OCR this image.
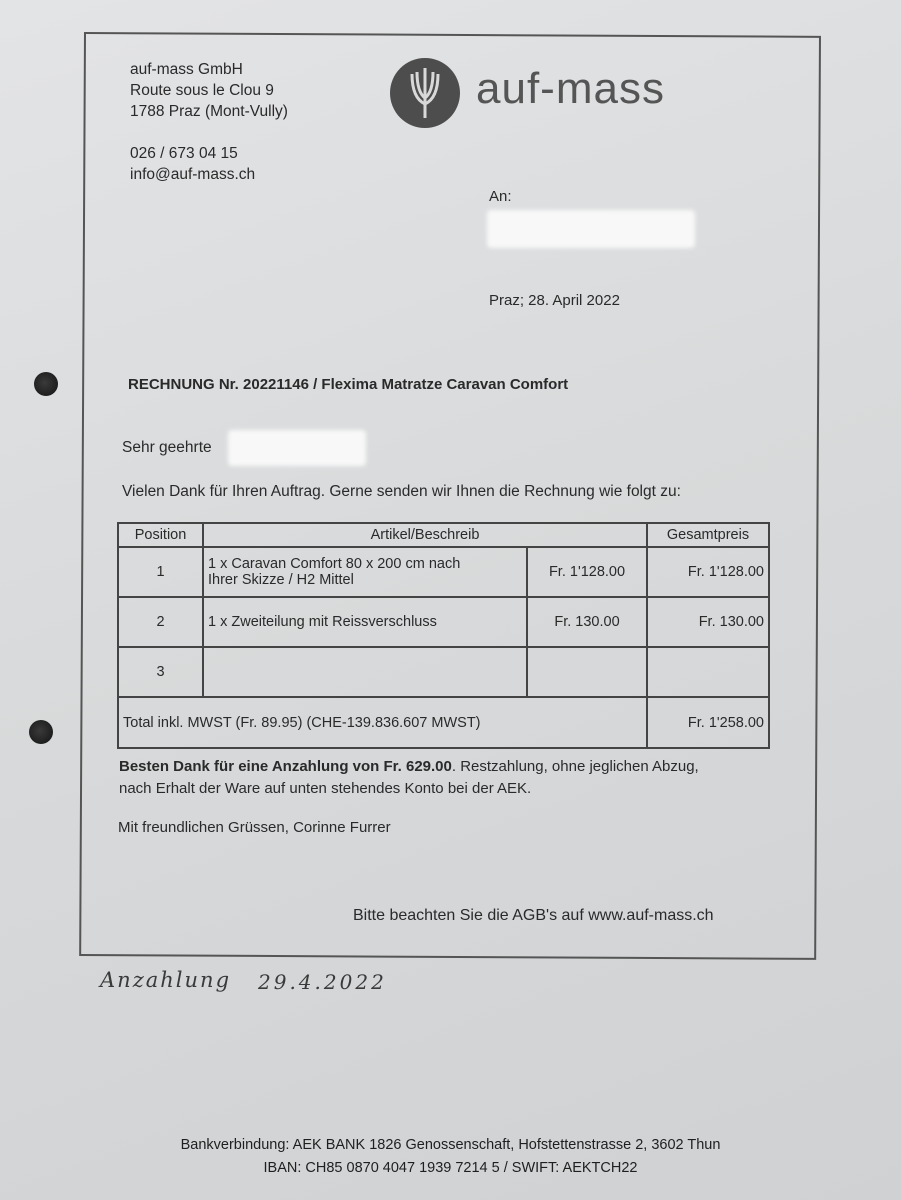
auf-mass GmbH
Route sous le Clou 9
1788 Praz (Mont-Vully)
026 / 673 04 15
info@auf-mass.ch
auf-mass
An:
Praz; 28. April 2022
RECHNUNG Nr. 20221146 / Flexima Matratze Caravan Comfort
Sehr geehrte
Vielen Dank für Ihren Auftrag. Gerne senden wir Ihnen die Rechnung wie folgt zu:
Position	Artikel/Beschreib		Gesamtpreis
1	1 x Caravan Comfort 80 x 200 cm nach
Ihrer Skizze / H2 Mittel	Fr. 1'128.00	Fr. 1'128.00
2	1 x Zweiteilung mit Reissverschluss	Fr. 130.00	Fr. 130.00
3			
Total inkl. MWST (Fr. 89.95) (CHE-139.836.607 MWST)			Fr. 1'258.00
Besten Dank für eine Anzahlung von Fr. 629.00. Restzahlung, ohne jeglichen Abzug,
nach Erhalt der Ware auf unten stehendes Konto bei der AEK.
Mit freundlichen Grüssen, Corinne Furrer
Bitte beachten Sie die AGB's auf www.auf-mass.ch
Anzahlung 29.4.2022
Bankverbindung: AEK BANK 1826 Genossenschaft, Hofstettenstrasse 2, 3602 Thun
IBAN: CH85 0870 4047 1939 7214 5 / SWIFT: AEKTCH22
